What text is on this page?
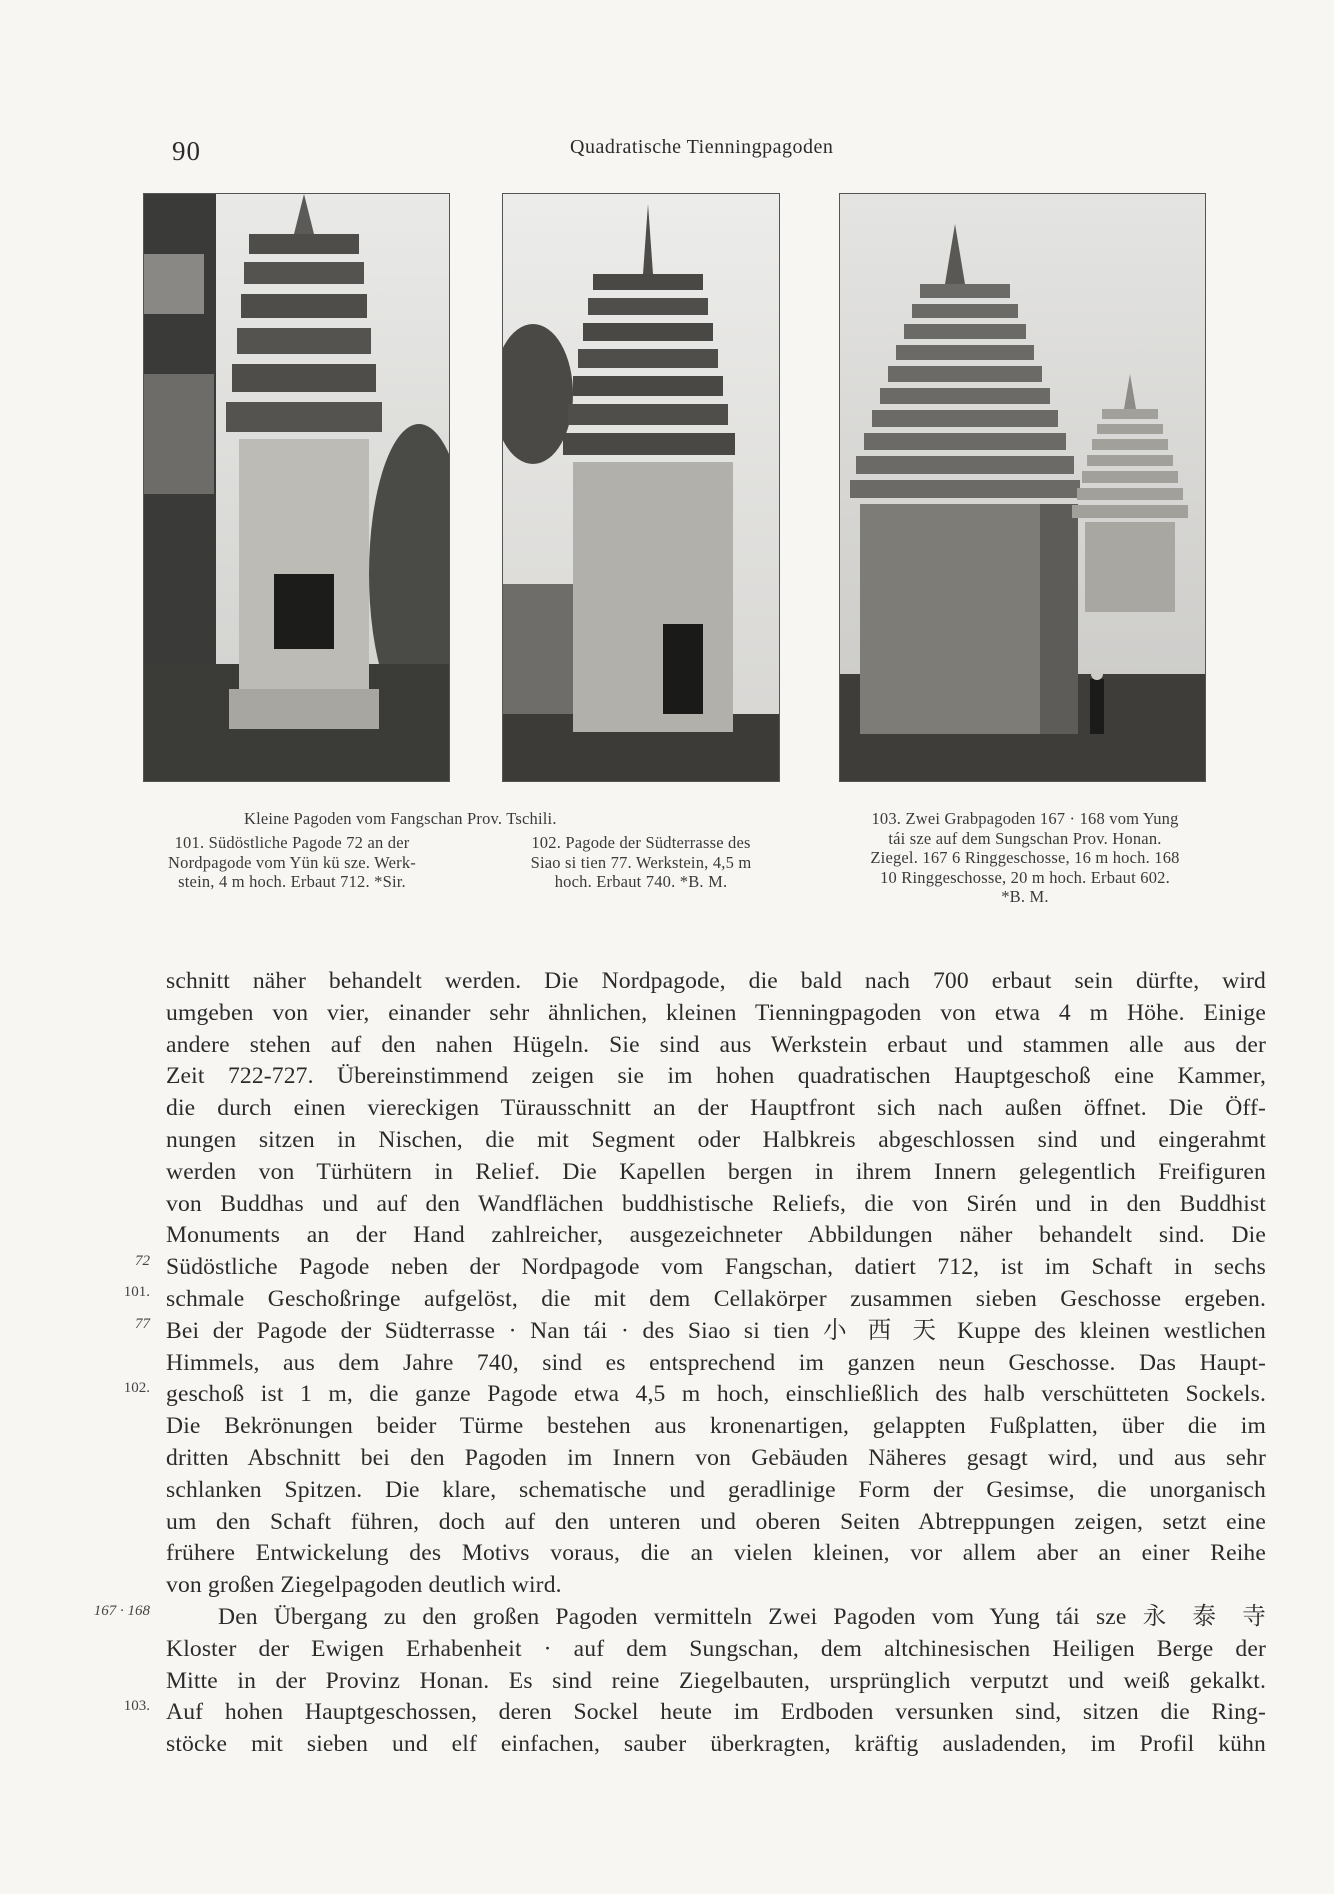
90	Quadratische Tienningpagoden
Kleine Pagoden vom Fangschan Prov. Tschili.
101. Südöstliche Pagode 72 an der
Nordpagode vom Yün kü sze. Werk-
stein, 4 m hoch. Erbaut 712. *Sir.
102. Pagode der Südterrasse des
Siao si tien 77. Werkstein, 4,5 m
hoch. Erbaut 740. *B. M.
103. Zwei Grabpagoden 167 · 168 vom Yung
tái sze auf dem Sungschan Prov. Honan.
Ziegel. 167 6 Ringgeschosse, 16 m hoch. 168
10 Ringgeschosse, 20 m hoch. Erbaut 602.
*B. M.
72
101.
77
102.
167 · 168
103.
schnitt näher behandelt werden. Die Nordpagode, die bald nach 700 erbaut sein dürfte, wird
umgeben von vier, einander sehr ähnlichen, kleinen Tienningpagoden von etwa 4 m Höhe. Einige
andere stehen auf den nahen Hügeln. Sie sind aus Werkstein erbaut und stammen alle aus der
Zeit 722-727. Übereinstimmend zeigen sie im hohen quadratischen Hauptgeschoß eine Kammer,
die durch einen viereckigen Türausschnitt an der Hauptfront sich nach außen öffnet. Die Öff-
nungen sitzen in Nischen, die mit Segment oder Halbkreis abgeschlossen sind und eingerahmt
werden von Türhütern in Relief. Die Kapellen bergen in ihrem Innern gelegentlich Freifiguren
von Buddhas und auf den Wandflächen buddhistische Reliefs, die von Sirén und in den Buddhist
Monuments an der Hand zahlreicher, ausgezeichneter Abbildungen näher behandelt sind. Die
Südöstliche Pagode neben der Nordpagode vom Fangschan, datiert 712, ist im Schaft in sechs
schmale Geschoßringe aufgelöst, die mit dem Cellakörper zusammen sieben Geschosse ergeben.
Bei der Pagode der Südterrasse · Nan tái · des Siao si tien 小 西 天 Kuppe des kleinen westlichen
Himmels, aus dem Jahre 740, sind es entsprechend im ganzen neun Geschosse. Das Haupt-
geschoß ist 1 m, die ganze Pagode etwa 4,5 m hoch, einschließlich des halb verschütteten Sockels.
Die Bekrönungen beider Türme bestehen aus kronenartigen, gelappten Fußplatten, über die im
dritten Abschnitt bei den Pagoden im Innern von Gebäuden Näheres gesagt wird, und aus sehr
schlanken Spitzen. Die klare, schematische und geradlinige Form der Gesimse, die unorganisch
um den Schaft führen, doch auf den unteren und oberen Seiten Abtreppungen zeigen, setzt eine
frühere Entwickelung des Motivs voraus, die an vielen kleinen, vor allem aber an einer Reihe
von großen Ziegelpagoden deutlich wird.
Den Übergang zu den großen Pagoden vermitteln Zwei Pagoden vom Yung tái sze 永 泰 寺
Kloster der Ewigen Erhabenheit · auf dem Sungschan, dem altchinesischen Heiligen Berge der
Mitte in der Provinz Honan. Es sind reine Ziegelbauten, ursprünglich verputzt und weiß gekalkt.
Auf hohen Hauptgeschossen, deren Sockel heute im Erdboden versunken sind, sitzen die Ring-
stöcke mit sieben und elf einfachen, sauber überkragten, kräftig ausladenden, im Profil kühn
